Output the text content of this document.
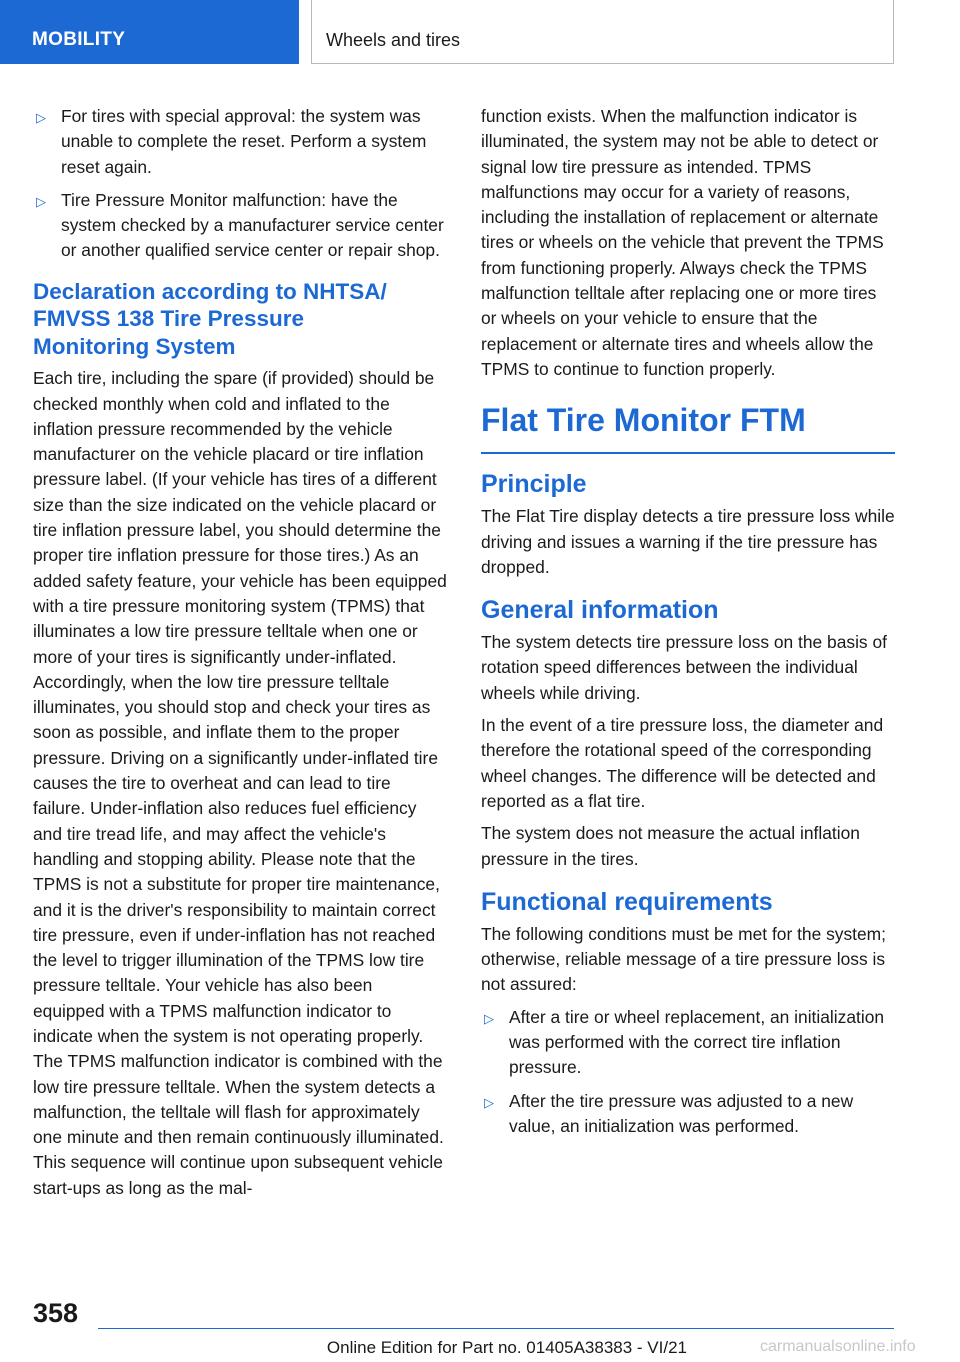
MOBILITY	Wheels and tires
▷ For tires with special approval: the system was unable to complete the reset. Perform a system reset again.
▷ Tire Pressure Monitor malfunction: have the system checked by a manufacturer service center or another qualified service center or repair shop.
Declaration according to NHTSA/
FMVSS 138 Tire Pressure
Monitoring System

Each tire, including the spare (if provided) should be checked monthly when cold and inflated to the inflation pressure recommended by the vehicle manufacturer on the vehicle placard or tire inflation pressure label. (If your vehicle has tires of a different size than the size indicated on the vehicle placard or tire inflation pressure label, you should determine the proper tire inflation pressure for those tires.) As an added safety feature, your vehicle has been equipped with a tire pressure monitoring system (TPMS) that illuminates a low tire pressure telltale when one or more of your tires is significantly under-inflated. Accordingly, when the low tire pressure telltale illuminates, you should stop and check your tires as soon as possible, and inflate them to the proper pressure. Driving on a significantly under-inflated tire causes the tire to overheat and can lead to tire failure. Under-inflation also reduces fuel efficiency and tire tread life, and may affect the vehicle's handling and stopping ability. Please note that the TPMS is not a substitute for proper tire maintenance, and it is the driver's responsibility to maintain correct tire pressure, even if under-inflation has not reached the level to trigger illumination of the TPMS low tire pressure telltale. Your vehicle has also been equipped with a TPMS malfunction indicator to indicate when the system is not operating properly. The TPMS malfunction indicator is combined with the low tire pressure telltale. When the system detects a malfunction, the telltale will flash for approximately one minute and then remain continuously illuminated. This sequence will continue upon subsequent vehicle start-ups as long as the mal-

function exists. When the malfunction indicator is illuminated, the system may not be able to detect or signal low tire pressure as intended. TPMS malfunctions may occur for a variety of reasons, including the installation of replacement or alternate tires or wheels on the vehicle that prevent the TPMS from functioning properly. Always check the TPMS malfunction telltale after replacing one or more tires or wheels on your vehicle to ensure that the replacement or alternate tires and wheels allow the TPMS to continue to function properly.

Flat Tire Monitor FTM
Principle

The Flat Tire display detects a tire pressure loss while driving and issues a warning if the tire pressure has dropped.

General information

The system detects tire pressure loss on the basis of rotation speed differences between the individual wheels while driving.

In the event of a tire pressure loss, the diameter and therefore the rotational speed of the corresponding wheel changes. The difference will be detected and reported as a flat tire.

The system does not measure the actual inflation pressure in the tires.

Functional requirements

The following conditions must be met for the system; otherwise, reliable message of a tire pressure loss is not assured:

▷ After a tire or wheel replacement, an initialization was performed with the correct tire inflation pressure.
▷ After the tire pressure was adjusted to a new value, an initialization was performed.
358
Online Edition for Part no. 01405A38383 - VI/21	carmanualsonline.info
